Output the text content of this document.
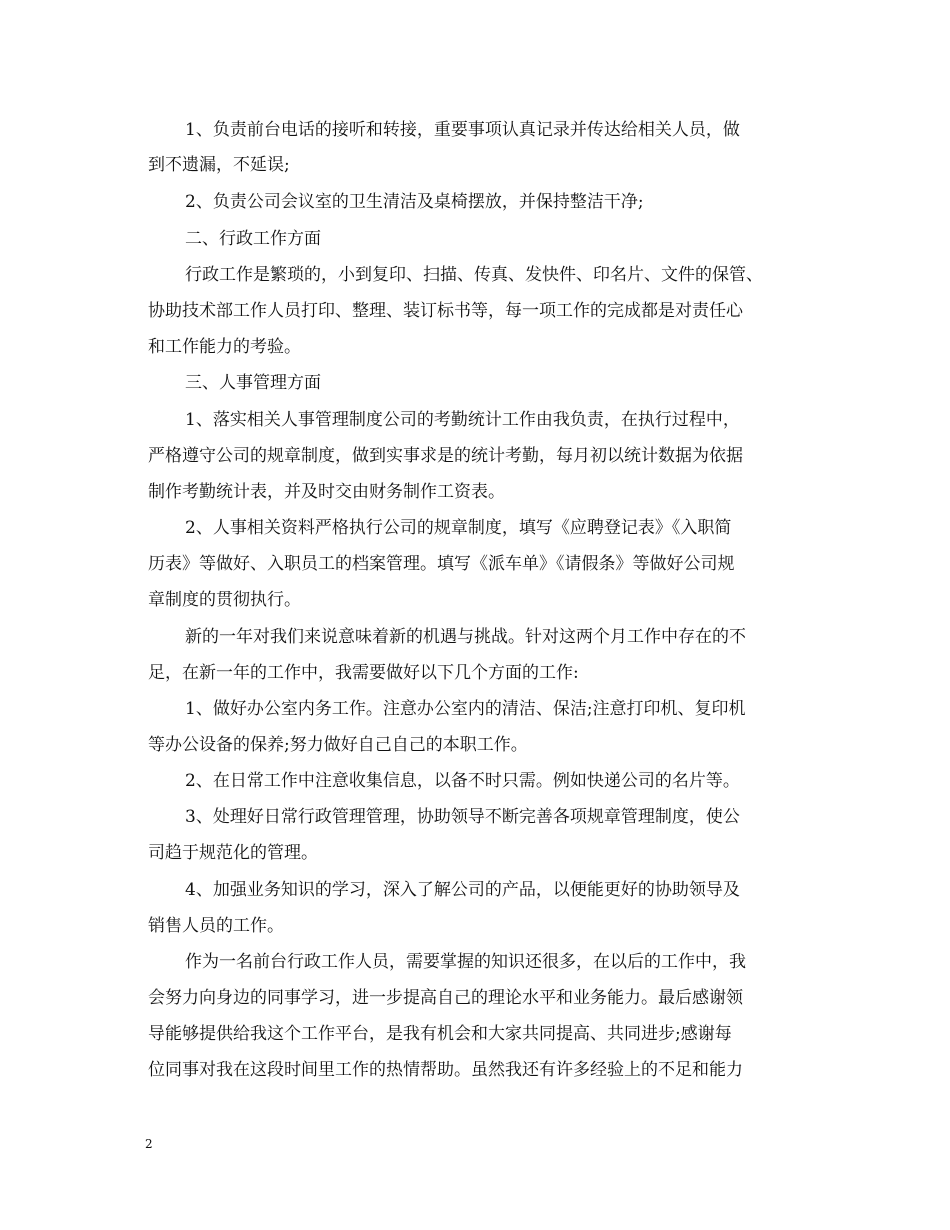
1、负责前台电话的接听和转接，重要事项认真记录并传达给相关人员，做
到不遗漏，不延误;
2、负责公司会议室的卫生清洁及桌椅摆放，并保持整洁干净;
二、行政工作方面
行政工作是繁琐的，小到复印、扫描、传真、发快件、印名片、文件的保管、
协助技术部工作人员打印、整理、装订标书等，每一项工作的完成都是对责任心
和工作能力的考验。
三、人事管理方面
1、落实相关人事管理制度公司的考勤统计工作由我负责，在执行过程中，
严格遵守公司的规章制度，做到实事求是的统计考勤，每月初以统计数据为依据
制作考勤统计表，并及时交由财务制作工资表。
2、人事相关资料严格执行公司的规章制度，填写《应聘登记表》《入职简
历表》等做好、入职员工的档案管理。填写《派车单》《请假条》等做好公司规
章制度的贯彻执行。
新的一年对我们来说意味着新的机遇与挑战。针对这两个月工作中存在的不
足，在新一年的工作中，我需要做好以下几个方面的工作:
1、做好办公室内务工作。注意办公室内的清洁、保洁;注意打印机、复印机
等办公设备的保养;努力做好自己自己的本职工作。
2、在日常工作中注意收集信息，以备不时只需。例如快递公司的名片等。
3、处理好日常行政管理管理，协助领导不断完善各项规章管理制度，使公
司趋于规范化的管理。
4、加强业务知识的学习，深入了解公司的产品，以便能更好的协助领导及
销售人员的工作。
作为一名前台行政工作人员，需要掌握的知识还很多，在以后的工作中，我
会努力向身边的同事学习，进一步提高自己的理论水平和业务能力。最后感谢领
导能够提供给我这个工作平台，是我有机会和大家共同提高、共同进步;感谢每
位同事对我在这段时间里工作的热情帮助。虽然我还有许多经验上的不足和能力
2
